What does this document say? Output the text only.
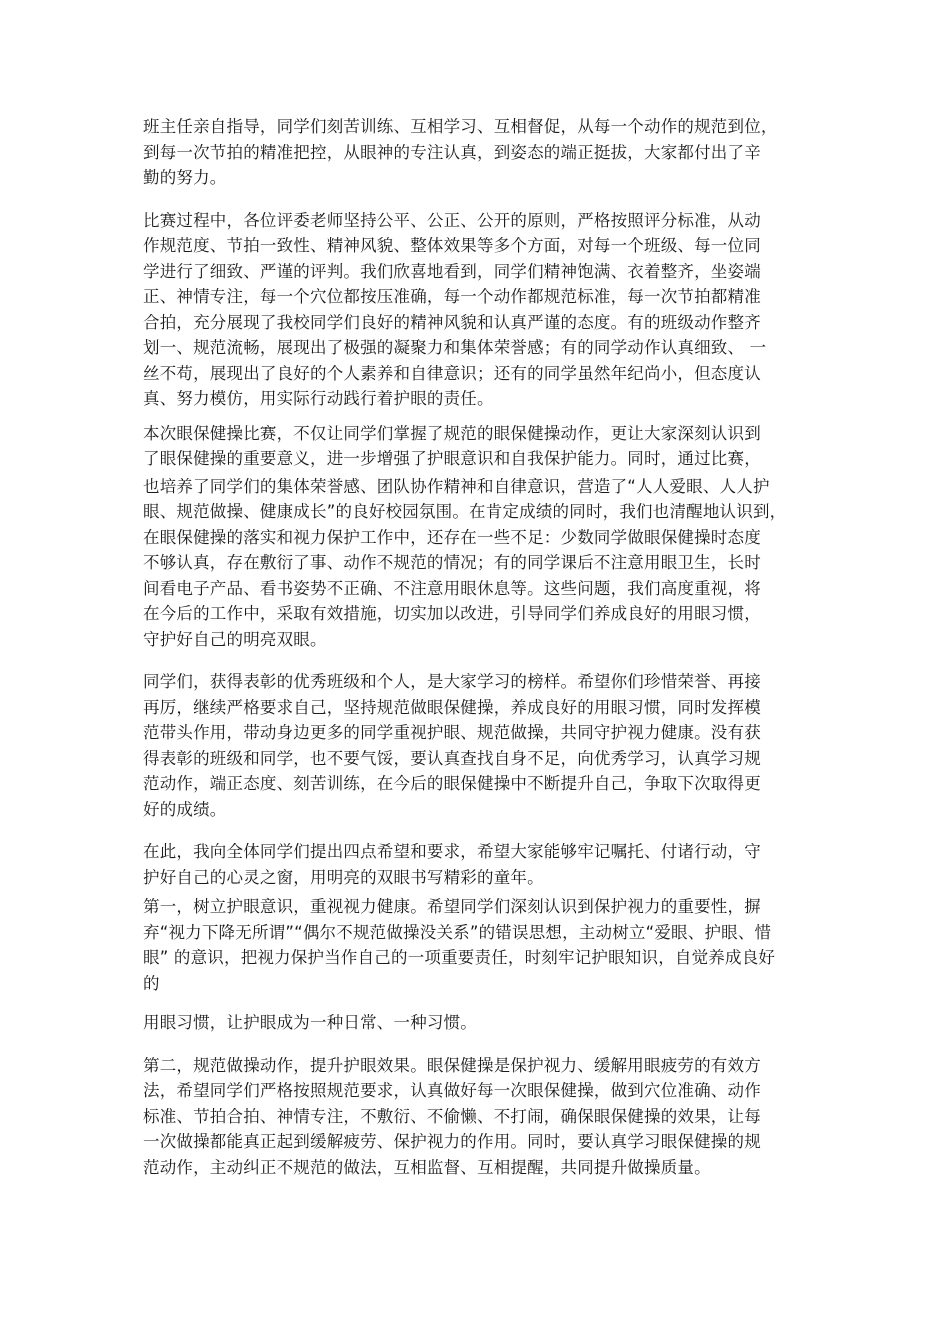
班主任亲自指导，同学们刻苦训练、互相学习、互相督促，从每一个动作的规范到位，
到每一次节拍的精准把控，从眼神的专注认真，到姿态的端正挺拔，大家都付出了辛
勤的努力。

比赛过程中，各位评委老师坚持公平、公正、公开的原则，严格按照评分标准，从动
作规范度、节拍一致性、精神风貌、整体效果等多个方面，对每一个班级、每一位同
学进行了细致、严谨的评判。我们欣喜地看到，同学们精神饱满、衣着整齐，坐姿端
正、神情专注，每一个穴位都按压准确，每一个动作都规范标准，每一次节拍都精准
合拍，充分展现了我校同学们良好的精神风貌和认真严谨的态度。有的班级动作整齐
划一、规范流畅，展现出了极强的凝聚力和集体荣誉感；有的同学动作认真细致、 一
丝不苟，展现出了良好的个人素养和自律意识；还有的同学虽然年纪尚小，但态度认
真、努力模仿，用实际行动践行着护眼的责任。

本次眼保健操比赛，不仅让同学们掌握了规范的眼保健操动作，更让大家深刻认识到
了眼保健操的重要意义，进一步增强了护眼意识和自我保护能力。同时，通过比赛，

也培养了同学们的集体荣誉感、团队协作精神和自律意识，营造了“人人爱眼、人人护
眼、规范做操、健康成长”的良好校园氛围。在肯定成绩的同时，我们也清醒地认识到，
在眼保健操的落实和视力保护工作中，还存在一些不足：少数同学做眼保健操时态度
不够认真，存在敷衍了事、动作不规范的情况；有的同学课后不注意用眼卫生，长时
间看电子产品、看书姿势不正确、不注意用眼休息等。这些问题，我们高度重视，将
在今后的工作中，采取有效措施，切实加以改进，引导同学们养成良好的用眼习惯，
守护好自己的明亮双眼。

同学们，获得表彰的优秀班级和个人，是大家学习的榜样。希望你们珍惜荣誉、再接
再厉，继续严格要求自己，坚持规范做眼保健操，养成良好的用眼习惯，同时发挥模
范带头作用，带动身边更多的同学重视护眼、规范做操，共同守护视力健康。没有获
得表彰的班级和同学，也不要气馁，要认真查找自身不足，向优秀学习，认真学习规
范动作，端正态度、刻苦训练，在今后的眼保健操中不断提升自己，争取下次取得更
好的成绩。

在此，我向全体同学们提出四点希望和要求，希望大家能够牢记嘱托、付诸行动，守
护好自己的心灵之窗，用明亮的双眼书写精彩的童年。

第一，树立护眼意识，重视视力健康。希望同学们深刻认识到保护视力的重要性，摒
弃“视力下降无所谓”“偶尔不规范做操没关系”的错误思想，主动树立“爱眼、护眼、惜
眼” 的意识，把视力保护当作自己的一项重要责任，时刻牢记护眼知识，自觉养成良好
的

用眼习惯，让护眼成为一种日常、一种习惯。

第二，规范做操动作，提升护眼效果。眼保健操是保护视力、缓解用眼疲劳的有效方
法，希望同学们严格按照规范要求，认真做好每一次眼保健操，做到穴位准确、动作
标准、节拍合拍、神情专注，不敷衍、不偷懒、不打闹，确保眼保健操的效果，让每
一次做操都能真正起到缓解疲劳、保护视力的作用。同时，要认真学习眼保健操的规
范动作，主动纠正不规范的做法，互相监督、互相提醒，共同提升做操质量。
